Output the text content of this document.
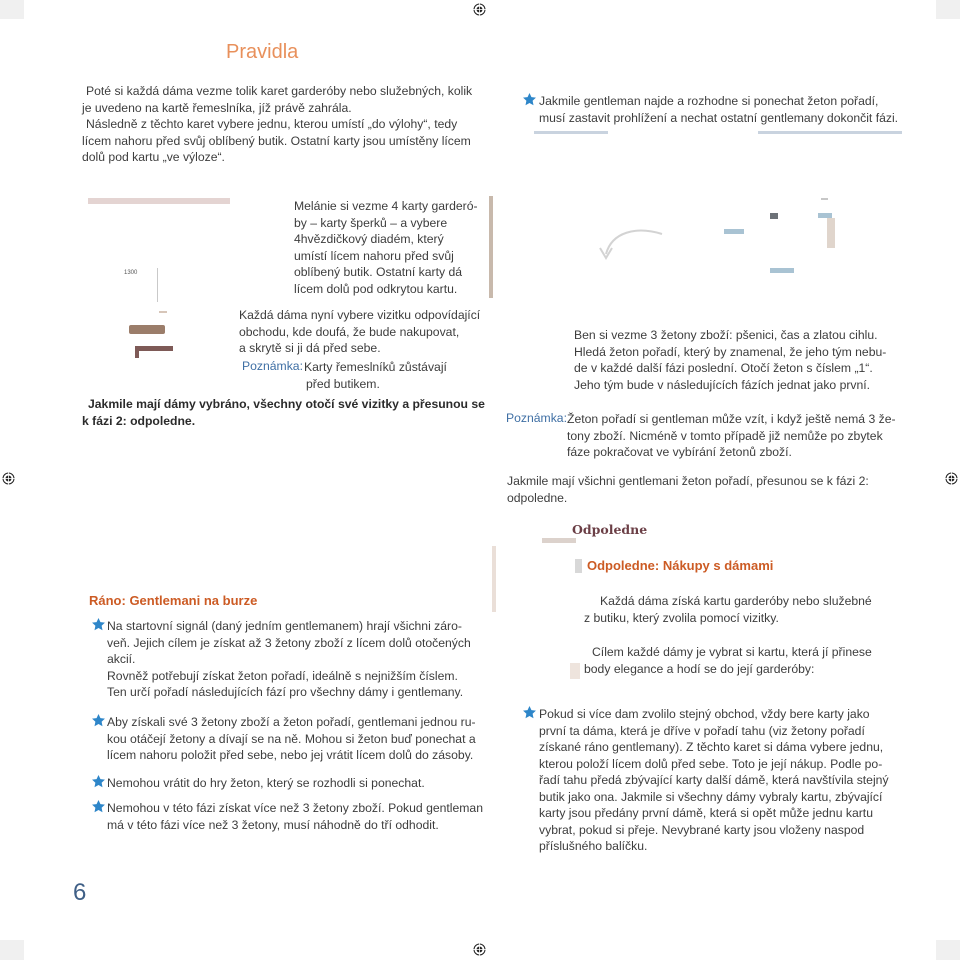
Pravidla
Poté si každá dáma vezme tolik karet garderóby nebo služebných, kolik
je uvedeno na kartě řemeslníka, jíž právě zahrála.
Následně z těchto karet vybere jednu, kterou umístí „do výlohy“, tedy
lícem nahoru před svůj oblíbený butik. Ostatní karty jsou umístěny lícem
dolů pod kartu „ve výloze“.
Jakmile gentleman najde a rozhodne si ponechat žeton pořadí,
musí zastavit prohlížení a nechat ostatní gentlemany dokončit fázi.
1300
Melánie si vezme 4 karty garderó-
by – karty šperků – a vybere
4hvězdičkový diadém, který
umístí lícem nahoru před svůj
oblíbený butik. Ostatní karty dá
lícem dolů pod odkrytou kartu.
Každá dáma nyní vybere vizitku odpovídající
obchodu, kde doufá, že bude nakupovat,
a skrytě si ji dá před sebe.
Poznámka: Karty řemeslníků zůstávají
před butikem.
Jakmile mají dámy vybráno, všechny otočí své vizitky a přesunou se
k fázi 2: odpoledne.
Ben si vezme 3 žetony zboží: pšenici, čas a zlatou cihlu.
Hledá žeton pořadí, který by znamenal, že jeho tým nebu-
de v každé další fázi poslední. Otočí žeton s číslem „1“.
Jeho tým bude v následujících fázích jednat jako první.
Poznámka: Žeton pořadí si gentleman může vzít, i když ještě nemá 3 že-
tony zboží. Nicméně v tomto případě již nemůže po zbytek
fáze pokračovat ve vybírání žetonů zboží.
Jakmile mají všichni gentlemani žeton pořadí, přesunou se k fázi 2:
odpoledne.
Odpoledne
Odpoledne: Nákupy s dámami
Každá dáma získá kartu garderóby nebo služebné
z butiku, který zvolila pomocí vizitky.
Cílem každé dámy je vybrat si kartu, která jí přinese
body elegance a hodí se do její garderóby:
Pokud si více dam zvolilo stejný obchod, vždy bere karty jako
první ta dáma, která je dříve v pořadí tahu (viz žetony pořadí
získané ráno gentlemany). Z těchto karet si dáma vybere jednu,
kterou položí lícem dolů před sebe. Toto je její nákup. Podle po-
řadí tahu předá zbývající karty další dámě, která navštívila stejný
butik jako ona. Jakmile si všechny dámy vybraly kartu, zbývající
karty jsou předány první dámě, která si opět může jednu kartu
vybrat, pokud si přeje. Nevybrané karty jsou vloženy naspod
příslušného balíčku.
Ráno: Gentlemani na burze
Na startovní signál (daný jedním gentlemanem) hrají všichni záro-
veň. Jejich cílem je získat až 3 žetony zboží z lícem dolů otočených
akcií.
Rovněž potřebují získat žeton pořadí, ideálně s nejnižším číslem.
Ten určí pořadí následujících fází pro všechny dámy i gentlemany.
Aby získali své 3 žetony zboží a žeton pořadí, gentlemani jednou ru-
kou otáčejí žetony a dívají se na ně. Mohou si žeton buď ponechat a
lícem nahoru položit před sebe, nebo jej vrátit lícem dolů do zásoby.
Nemohou vrátit do hry žeton, který se rozhodli si ponechat.
Nemohou v této fázi získat více než 3 žetony zboží. Pokud gentleman
má v této fázi více než 3 žetony, musí náhodně do tří odhodit.
6
